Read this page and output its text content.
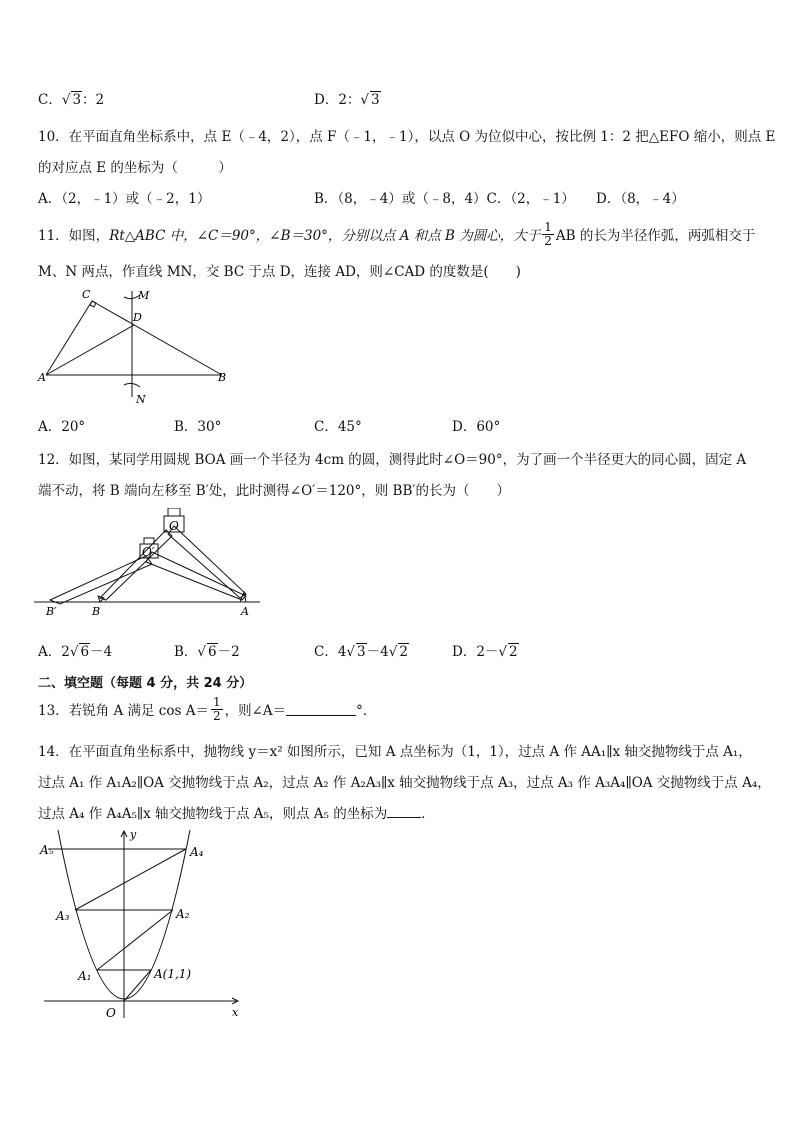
C．√ 3：2	D．2：√ 3
10．在平面直角坐标系中，点 E（﹣4，2），点 F（﹣1，﹣1），以点 O 为位似中心，按比例 1：2 把△EFO 缩小，则点 E
的对应点 E 的坐标为（　　　）
A．（2，﹣1）或（﹣2，1）	B．（8，﹣4）或（﹣8，4）C．（2，﹣1） D．（8，﹣4）
11．如图， Rt△ABC 中，∠C＝90°，∠B＝30°，分别以点 A 和点 B 为圆心，大于 $\frac{1}{2}$ AB 的长为半径作弧，两弧相交于
M、N 两点，作直线 MN，交 BC 于点 D，连接 AD，则∠CAD 的度数是(　　)
C	M
D
A	B
N
A．20°	B．30°	C．45°	D．60°
12．如图，某同学用圆规 BOA 画一个半径为 4cm 的圆，测得此时∠O＝90°，为了画一个半径更大的同心圆，固定 A
端不动，将 B 端向左移至 B′处，此时测得∠O′＝120°，则 BB′的长为（　　）
O
O′
B′	B	A
A．2√ 6－4	B．√ 6－2	C．4√ 3－4√ 2	D．2－√ 2
二、填空题（每题 4 分，共 24 分）
13．若锐角 A 满足 $\cos A= \frac{1}{2}$ ，则∠A＝	°．
14．在平面直角坐标系中，抛物线 y＝x² 如图所示，已知 A 点坐标为（1，1），过点 A 作 AA₁∥x 轴交抛物线于点 A₁，
过点 A₁ 作 A₁A₂∥OA 交抛物线于点 A₂，过点 A₂ 作 A₂A₃∥x 轴交抛物线于点 A₃，过点 A₃ 作 A₃A₄∥OA 交抛物线于点 A₄，
过点 A₄ 作 A₄A₅∥x 轴交抛物线于点 A₅，则点 A₅ 的坐标为	．
y
x
O
A₅	A₄
A₃	A₂
A₁	A(1,1)
